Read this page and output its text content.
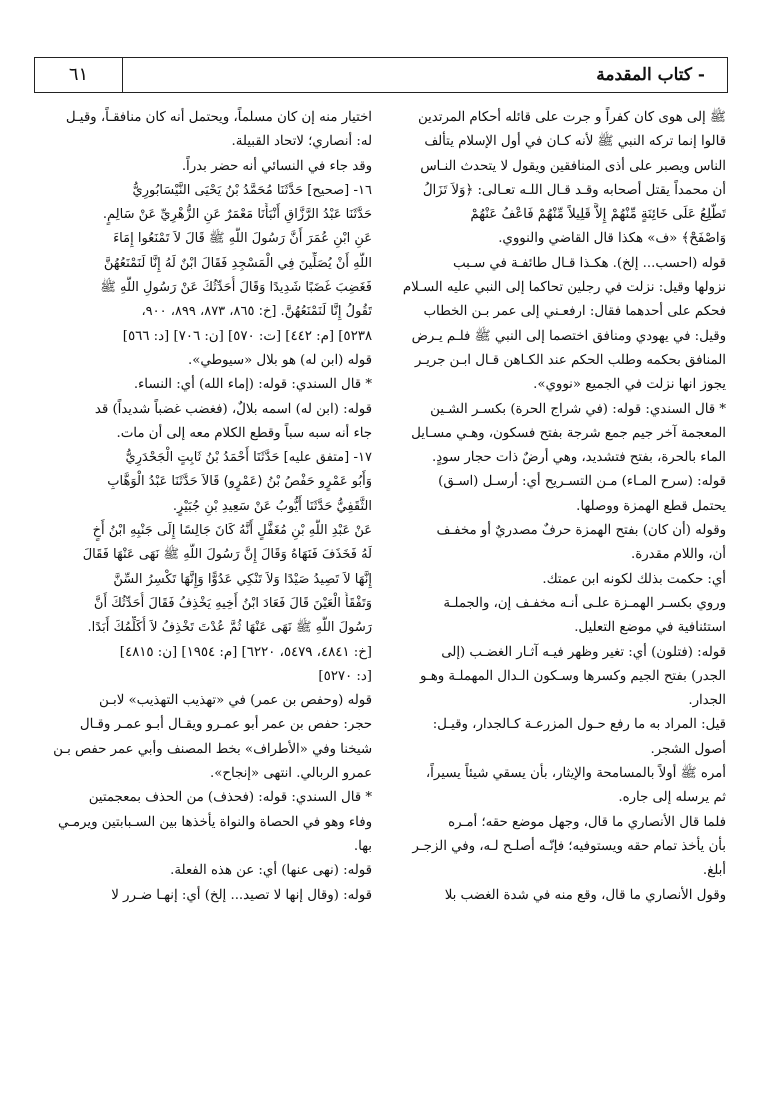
- كتاب المقدمة
٦١
ﷺ إلى هوى كان كفراً و جرت على قائله أحكام المرتدين
قالوا إنما تركه النبي ﷺ لأنه كـان في أول الإسلام يتألف
الناس ويصبر على أذى المنافقين ويقول لا يتحدث النـاس
أن محمداً يقتل أصحابه وقـد قـال اللـه تعـالى: ﴿وَلاَ تَزَالُ
تَطَّلِعُ عَلَى خَائِنَةٍ مِّنْهُمْ إِلاَّ قَلِيلاً مِّنْهُمْ فَاعْفُ عَنْهُمْ
وَاصْفَحْ﴾ «ف» هكذا قال القاضي والنووي.
قوله (احسب... إلخ). هكـذا قـال طائفـة في سـبب
نزولها وقيل: نزلت في رجلين تحاكما إلى النبي عليه السـلام
فحكم على أحدهما فقال: ارفعـني إلى عمر بـن الخطاب
وقيل: في يهودي ومنافق اختصما إلى النبي ﷺ فلـم يـرض
المنافق بحكمه وطلب الحكم عند الكـاهن قـال ابـن جريـر
يجوز انها نزلت في الجميع «نووي».
* قال السندي: قوله: (في شراج الحرة) بكسـر الشـين
المعجمة آخر جيم جمع شرجة بفتح فسكون، وهـي مسـايل
الماء بالحرة، بفتح فتشديد، وهي أرضٌ ذات حجار سودٍ.
قوله: (سرح المـاء) مـن التسـريح أي: أرسـل (اسـق)
يحتمل قطع الهمزة ووصلها.
وقوله (أن كان) بفتح الهمزة حرفٌ مصدريٌ أو مخفـف
أن، واللام مقدرة.
أي: حكمت بذلك لكونه ابن عمتك.
وروي بكسـر الهمـزة علـى أنـه مخفـف إن، والجملـة
استئنافية في موضع التعليل.
قوله: (فتلون) أي: تغير وظهر فيـه آثـار الغضـب (إلى
الجدر) بفتح الجيم وكسرها وسـكون الـدال المهملـة وهـو
الجدار.
قيل: المراد به ما رفع حـول المزرعـة كـالجدار، وقيـل:
أصول الشجر.
أمره ﷺ أولاً بالمسامحة والإيثار، بأن يسقي شيئاً يسيراً،
ثم يرسله إلى جاره.
فلما قال الأنصاري ما قال، وجهل موضع حقه؛ أمـره
بأن يأخذ تمام حقه ويستوفيه؛ فإنّـه أصلـح لـه، وفي الزجـر
أبلغ.
وقول الأنصاري ما قال، وقع منه في شدة الغضب بلا
اختيار منه إن كان مسلماً، ويحتمل أنه كان منافقـاً، وقيـل
له: أنصاري؛ لاتحاد القبيلة.
وقد جاء في النسائي أنه حضر بدراً.
١٦- [صحيح] حَدَّثَنَا مُحَمَّدُ بْنُ يَحْيَى النَّيْسَابُورِيُّ
حَدَّثَنَا عَبْدُ الرَّزَّاقِ أَنْبَأَنَا مَعْمَرٌ عَنِ الزُّهْرِيِّ عَنْ سَالِمٍ.
عَنِ ابْنِ عُمَرَ أَنَّ رَسُولَ اللَّهِ ﷺ قَالَ لاَ تَمْنَعُوا إِمَاءَ
اللَّهِ أَنْ يُصَلِّينَ فِي الْمَسْجِدِ فَقَالَ ابْنٌ لَهُ إِنَّا لَنَمْنَعُهُنَّ
فَغَضِبَ غَضَبًا شَدِيدًا وَقَالَ أُحَدِّثُكَ عَنْ رَسُولِ اللَّهِ ﷺ
تَقُولُ إِنَّا لَنَمْنَعُهُنَّ. [خ: ٨٦٥، ٨٧٣، ٨٩٩، ٩٠٠،
٥٢٣٨] [م: ٤٤٢] [ت: ٥٧٠] [ن: ٧٠٦] [د: ٥٦٦]
قوله (ابن له) هو بلال «سيوطي».
* قال السندي: قوله: (إماء الله) أي: النساء.
قوله: (ابن له) اسمه بلالٌ، (فغضب غضباً شديداً) قد
جاء أنه سبه سباً وقطع الكلام معه إلى أن مات.
١٧- [متفق عليه] حَدَّثَنَا أَحْمَدُ بْنُ ثَابِتٍ الْجَحْدَرِيُّ
وَأَبُو عَمْرٍو حَفْصُ بْنُ (عَمْرٍو) قَالاَ حَدَّثَنَا عَبْدُ الْوَهَّابِ
الثَّقَفِيُّ حَدَّثَنَا أَيُّوبُ عَنْ سَعِيدِ بْنِ جُبَيْرٍ.
عَنْ عَبْدِ اللَّهِ بْنِ مُغَفَّلٍ أَنَّهُ كَانَ جَالِسًا إِلَى جَنْبِهِ ابْنُ أَخٍ
لَهُ فَخَذَفَ فَنَهَاهُ وَقَالَ إِنَّ رَسُولَ اللَّهِ ﷺ نَهَى عَنْهَا فَقَالَ
إِنَّهَا لاَ تَصِيدُ صَيْدًا وَلاَ تَنْكِي عَدُوًّا وَإِنَّهَا تَكْسِرُ السِّنَّ
وَتَفْقَأُ الْعَيْنَ قَالَ فَعَادَ ابْنُ أَخِيهِ يَخْذِفُ فَقَالَ أُحَدِّثُكَ أَنَّ
رَسُولَ اللَّهِ ﷺ نَهَى عَنْهَا ثُمَّ عُدْتَ تَخْذِفُ لاَ أُكَلِّمُكَ أَبَدًا.
[خ: ٤٨٤١، ٥٤٧٩، ٦٢٢٠] [م: ١٩٥٤] [ن: ٤٨١٥]
[د: ٥٢٧٠]
قوله (وحفص بن عمر) في «تهذيب التهذيب» لابـن
حجر: حفص بن عمر أبو عمـرو ويقـال أبـو عمـر وقـال
شيخنا وفي «الأطراف» بخط المصنف وأبي عمر حفص بـن
عمرو الربالي. انتهى «إنجاح».
* قال السندي: قوله: (فحذف) من الحذف بمعجمتين
وفاء وهو في الحصاة والنواة يأخذها بين السـبابتين ويرمـي
بها.
قوله: (نهى عنها) أي: عن هذه الفعلة.
قوله: (وقال إنها لا تصيد... إلخ) أي: إنهـا ضـرر لا
